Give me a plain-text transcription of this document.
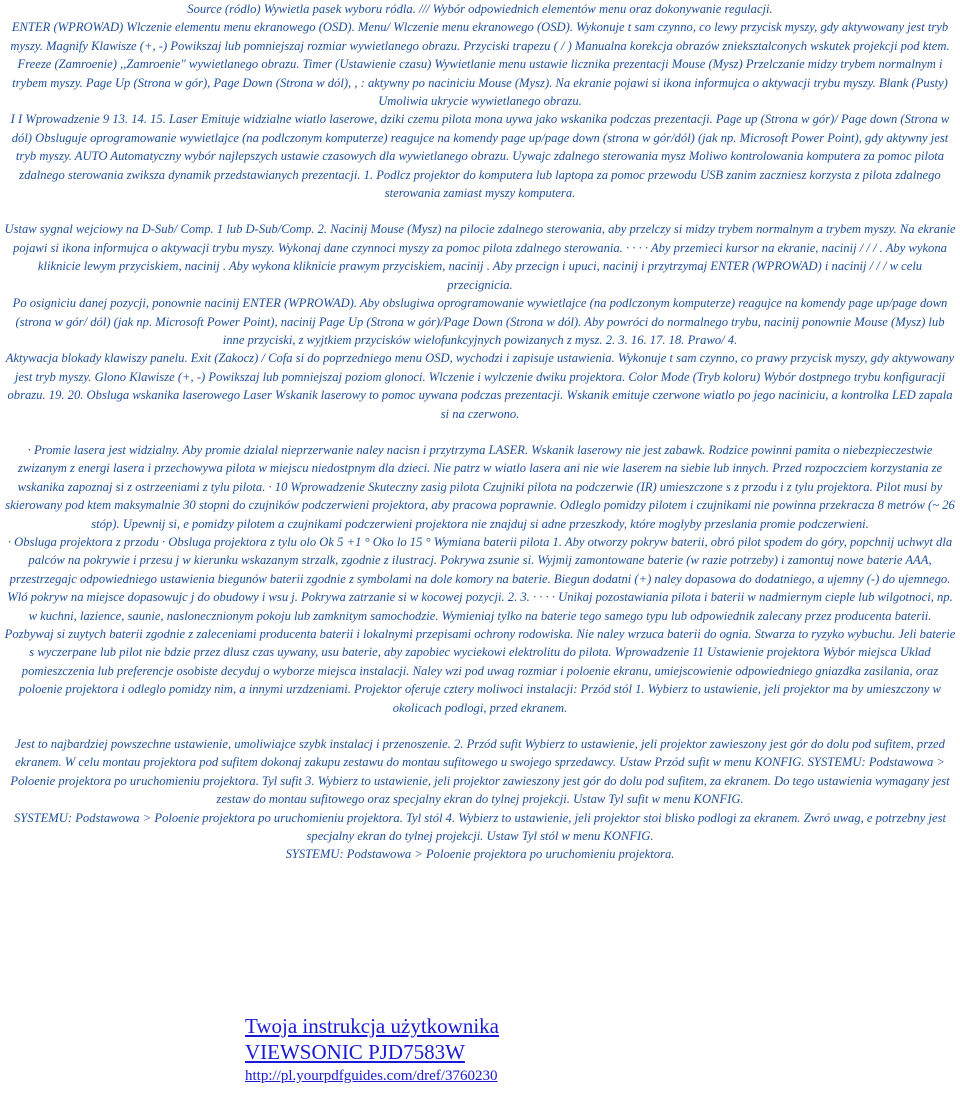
Source (ródlo) Wywietla pasek wyboru ródla. /// Wybór odpowiednich elementów menu oraz dokonywanie regulacji.

ENTER (WPROWAD) Wlczenie elementu menu ekranowego (OSD). Menu/ Wlczenie menu ekranowego (OSD). Wykonuje t sam czynno, co lewy przycisk myszy, gdy aktywowany jest tryb myszy. Magnify Klawisze (+, -) Powikszaj lub pomniejszaj rozmiar wywietlanego obrazu. Przyciski trapezu ( / ) Manualna korekcja obrazów znieksztalconych wskutek projekcji pod ktem.

Freeze (Zamroenie) ,,Zamroenie" wywietlanego obrazu. Timer (Ustawienie czasu) Wywietlanie menu ustawie licznika prezentacji Mouse (Mysz) Przelczanie midzy trybem normalnym i trybem myszy. Page Up (Strona w gór), Page Down (Strona w dól), , : aktywny po naciniciu Mouse (Mysz). Na ekranie pojawi si ikona informujca o aktywacji trybu myszy. Blank (Pusty) Umoliwia ukrycie wywietlanego obrazu.

I I Wprowadzenie 9 13. 14. 15. Laser Emituje widzialne wiatlo laserowe, dziki czemu pilota mona uywa jako wskanika podczas prezentacji. Page up (Strona w gór)/ Page down (Strona w dól) Obsluguje oprogramowanie wywietlajce (na podlczonym komputerze) reagujce na komendy page up/page down (strona w gór/dól) (jak np. Microsoft Power Point), gdy aktywny jest tryb myszy. AUTO Automatyczny wybór najlepszych ustawie czasowych dla wywietlanego obrazu. Uywajc zdalnego sterowania mysz Moliwo kontrolowania komputera za pomoc pilota zdalnego sterowania zwiksza dynamik przedstawianych prezentacji. 1. Podlcz projektor do komputera lub laptopa za pomoc przewodu USB zanim zaczniesz korzysta z pilota zdalnego sterowania zamiast myszy komputera.

Ustaw sygnal wejciowy na D-Sub/ Comp. 1 lub D-Sub/Comp. 2. Nacinij Mouse (Mysz) na pilocie zdalnego sterowania, aby przelczy si midzy trybem normalnym a trybem myszy. Na ekranie pojawi si ikona informujca o aktywacji trybu myszy. Wykonaj dane czynnoci myszy za pomoc pilota zdalnego sterowania. · · · · Aby przemieci kursor na ekranie, nacinij / / / . Aby wykona kliknicie lewym przyciskiem, nacinij . Aby wykona kliknicie prawym przyciskiem, nacinij . Aby przecign i upuci, nacinij i przytrzymaj ENTER (WPROWAD) i nacinij / / / w celu przecignicia.

Po osigniciu danej pozycji, ponownie nacinij ENTER (WPROWAD). Aby obslugiwa oprogramowanie wywietlajce (na podlczonym komputerze) reagujce na komendy page up/page down (strona w gór/ dól) (jak np. Microsoft Power Point), nacinij Page Up (Strona w gór)/Page Down (Strona w dól). Aby powróci do normalnego trybu, nacinij ponownie Mouse (Mysz) lub inne przyciski, z wyjtkiem przycisków wielofunkcyjnych powizanych z mysz. 2. 3. 16. 17. 18. Prawo/ 4.

Aktywacja blokady klawiszy panelu. Exit (Zakocz) / Cofa si do poprzedniego menu OSD, wychodzi i zapisuje ustawienia. Wykonuje t sam czynno, co prawy przycisk myszy, gdy aktywowany jest tryb myszy. Glono Klawisze (+, -) Powikszaj lub pomniejszaj poziom glonoci. Wlczenie i wylczenie dwiku projektora. Color Mode (Tryb koloru) Wybór dostpnego trybu konfiguracji obrazu. 19. 20. Obsluga wskanika laserowego Laser Wskanik laserowy to pomoc uywana podczas prezentacji. Wskanik emituje czerwone wiatlo po jego naciniciu, a kontrolka LED zapala si na czerwono.

· Promie lasera jest widzialny. Aby promie dzialal nieprzerwanie naley nacisn i przytrzyma LASER. Wskanik laserowy nie jest zabawk. Rodzice powinni pamita o niebezpieczestwie zwizanym z energi lasera i przechowywa pilota w miejscu niedostpnym dla dzieci. Nie patrz w wiatlo lasera ani nie wie laserem na siebie lub innych. Przed rozpoczciem korzystania ze wskanika zapoznaj si z ostrzeeniami z tylu pilota. · 10 Wprowadzenie Skuteczny zasig pilota Czujniki pilota na podczerwie (IR) umieszczone s z przodu i z tylu projektora. Pilot musi by skierowany pod ktem maksymalnie 30 stopni do czujników podczerwieni projektora, aby pracowa poprawnie. Odleglo pomidzy pilotem i czujnikami nie powinna przekracza 8 metrów (~ 26 stóp). Upewnij si, e pomidzy pilotem a czujnikami podczerwieni projektora nie znajduj si adne przeszkody, które moglyby przeslania promie podczerwieni.

· Obsluga projektora z przodu · Obsluga projektora z tylu olo Ok 5 +1 ° Oko lo 15 ° Wymiana baterii pilota 1. Aby otworzy pokryw baterii, obró pilot spodem do góry, popchnij uchwyt dla palców na pokrywie i przesu j w kierunku wskazanym strzalk, zgodnie z ilustracj. Pokrywa zsunie si. Wyjmij zamontowane baterie (w razie potrzeby) i zamontuj nowe baterie AAA, przestrzegajc odpowiedniego ustawienia biegunów baterii zgodnie z symbolami na dole komory na baterie. Biegun dodatni (+) naley dopasowa do dodatniego, a ujemny (-) do ujemnego.

Wló pokryw na miejsce dopasowujc j do obudowy i wsu j. Pokrywa zatrzanie si w kocowej pozycji. 2. 3. · · · · Unikaj pozostawiania pilota i baterii w nadmiernym cieple lub wilgotnoci, np.

w kuchni, lazience, saunie, naslonecznionym pokoju lub zamknitym samochodzie. Wymieniaj tylko na baterie tego samego typu lub odpowiednik zalecany przez producenta baterii. Pozbywaj si zuytych baterii zgodnie z zaleceniami producenta baterii i lokalnymi przepisami ochrony rodowiska. Nie naley wrzuca baterii do ognia. Stwarza to ryzyko wybuchu. Jeli baterie s wyczerpane lub pilot nie bdzie przez dlusz czas uywany, usu baterie, aby zapobiec wyciekowi elektrolitu do pilota. Wprowadzenie 11 Ustawienie projektora Wybór miejsca Uklad pomieszczenia lub preferencje osobiste decyduj o wyborze miejsca instalacji. Naley wzi pod uwag rozmiar i poloenie ekranu, umiejscowienie odpowiedniego gniazdka zasilania, oraz poloenie projektora i odleglo pomidzy nim, a innymi urzdzeniami. Projektor oferuje cztery moliwoci instalacji: Przód stól 1. Wybierz to ustawienie, jeli projektor ma by umieszczony w okolicach podlogi, przed ekranem.

Jest to najbardziej powszechne ustawienie, umoliwiajce szybk instalacj i przenoszenie. 2. Przód sufit Wybierz to ustawienie, jeli projektor zawieszony jest gór do dolu pod sufitem, przed ekranem. W celu montau projektora pod sufitem dokonaj zakupu zestawu do montau sufitowego u swojego sprzedawcy. Ustaw Przód sufit w menu KONFIG. SYSTEMU: Podstawowa > Poloenie projektora po uruchomieniu projektora. Tyl sufit 3. Wybierz to ustawienie, jeli projektor zawieszony jest gór do dolu pod sufitem, za ekranem. Do tego ustawienia wymagany jest zestaw do montau sufitowego oraz specjalny ekran do tylnej projekcji. Ustaw Tyl sufit w menu KONFIG.

SYSTEMU: Podstawowa > Poloenie projektora po uruchomieniu projektora. Tyl stól 4. Wybierz to ustawienie, jeli projektor stoi blisko podlogi za ekranem. Zwró uwag, e potrzebny jest specjalny ekran do tylnej projekcji. Ustaw Tyl stól w menu KONFIG.

SYSTEMU: Podstawowa > Poloenie projektora po uruchomieniu projektora.

Twoja instrukcja użytkownika
VIEWSONIC PJD7583W
http://pl.yourpdfguides.com/dref/3760230
